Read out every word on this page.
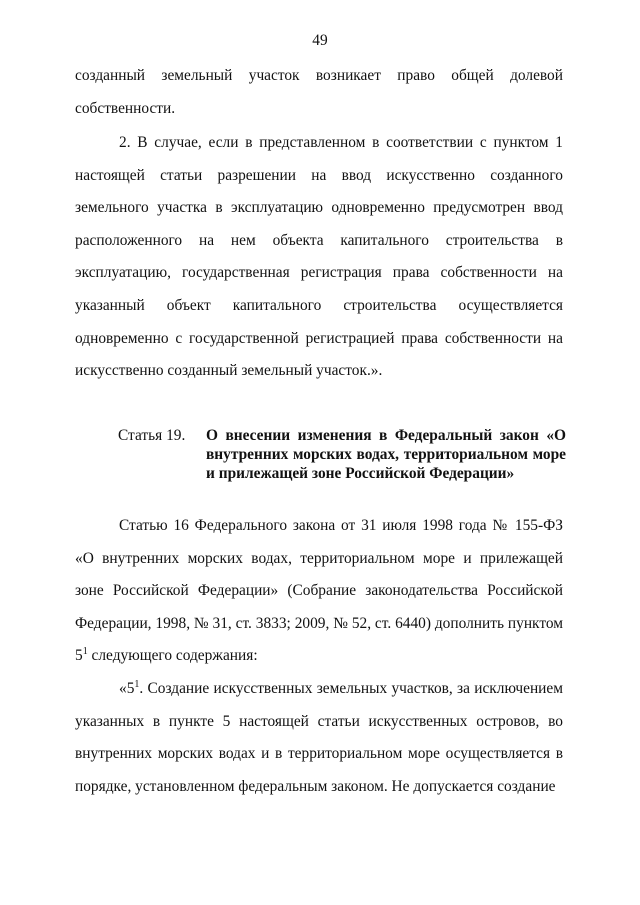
49
созданный земельный участок возникает право общей долевой собственности.
2. В случае, если в представленном в соответствии с пунктом 1 настоящей статьи разрешении на ввод искусственно созданного земельного участка в эксплуатацию одновременно предусмотрен ввод расположенного на нем объекта капитального строительства в эксплуатацию, государственная регистрация права собственности на указанный объект капитального строительства осуществляется одновременно с государственной регистрацией права собственности на искусственно созданный земельный участок.».
Статья 19. О внесении изменения в Федеральный закон «О
внутренних морских водах, территориальном море
и прилежащей зоне Российской Федерации»
Статью 16 Федерального закона от 31 июля 1998 года № 155-ФЗ «О внутренних морских водах, территориальном море и прилежащей зоне Российской Федерации» (Собрание законодательства Российской Федерации, 1998, № 31, ст. 3833; 2009, № 52, ст. 6440) дополнить пунктом $5^1$ следующего содержания:
«$5^1$. Создание искусственных земельных участков, за исключением указанных в пункте 5 настоящей статьи искусственных островов, во внутренних морских водах и в территориальном море осуществляется в порядке, установленном федеральным законом. Не допускается создание
